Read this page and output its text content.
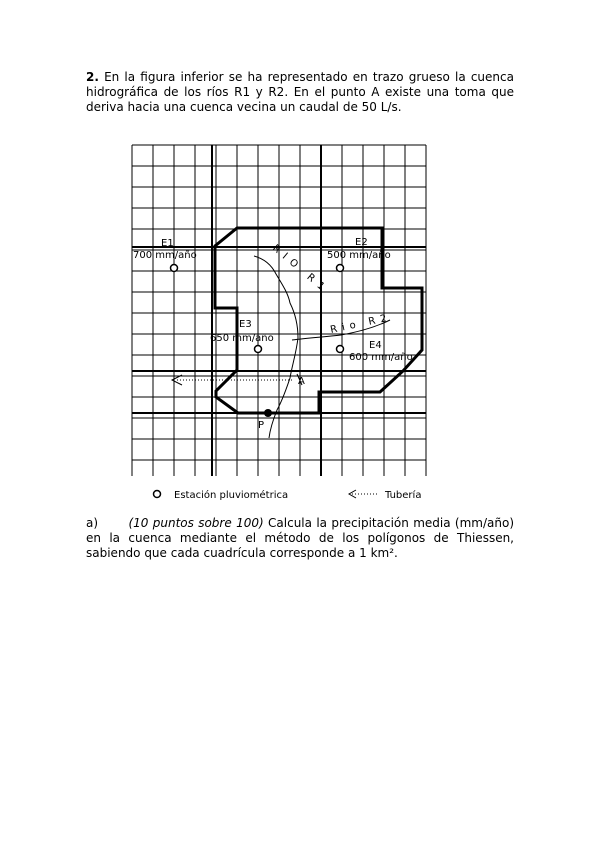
2. En la figura inferior se ha representado en trazo grueso la cuenca hidrográfica de los ríos R1 y R2. En el punto A existe una toma que deriva hacia una cuenca vecina un caudal de 50 L/s.
E1
700 mm/año
E2
500 mm/año
E3
650 mm/año
E4
600 mm/año
RIO R1
Rio R2
A
P
Estación pluviométrica	Tubería
a)	(10 puntos sobre 100) Calcula la precipitación media (mm/año) en la cuenca mediante el método de los polígonos de Thiessen, sabiendo que cada cuadrícula corresponde a 1 km².
